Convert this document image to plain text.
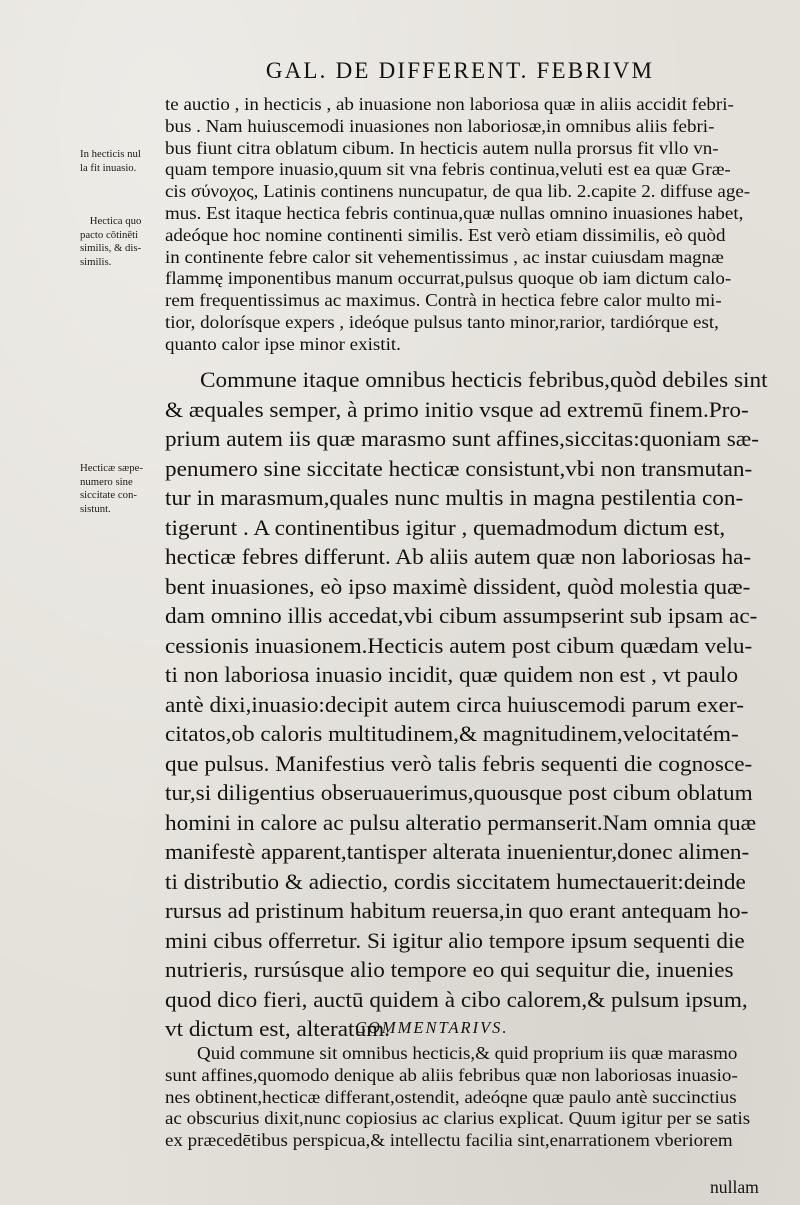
GAL. DE DIFFERENT. FEBRIVM
te auctio , in hecticis , ab inuasione non laboriosa quæ in aliis accidit febri-
bus . Nam huiuscemodi inuasiones non laboriosæ,in omnibus aliis febri-
bus fiunt citra oblatum cibum. In hecticis autem nulla prorsus fit vllo vn-
quam tempore inuasio,quum sit vna febris continua,veluti est ea quæ Græ-
cis σύνοχος, Latinis continens nuncupatur, de qua lib. 2.capite 2. diffuse age-
mus. Est itaque hectica febris continua,quæ nullas omnino inuasiones habet,
adeóque hoc nomine continenti similis. Est verò etiam dissimilis, eò quòd
in continente febre calor sit vehementissimus , ac instar cuiusdam magnæ
flammę imponentibus manum occurrat,pulsus quoque ob iam dictum calo-
rem frequentissimus ac maximus. Contrà in hectica febre calor multo mi-
tior, dolorísque expers , ideóque pulsus tanto minor,rarior, tardiórque est,
quanto calor ipse minor existit.
Commune itaque omnibus hecticis febribus,quòd debiles sint
& æquales semper, à primo initio vsque ad extremū finem.Pro-
prium autem iis quæ marasmo sunt affines,siccitas:quoniam sæ-
penumero sine siccitate hecticæ consistunt,vbi non transmutan-
tur in marasmum,quales nunc multis in magna pestilentia con-
tigerunt . A continentibus igitur , quemadmodum dictum est,
hecticæ febres differunt. Ab aliis autem quæ non laboriosas ha-
bent inuasiones, eò ipso maximè dissident, quòd molestia quæ-
dam omnino illis accedat,vbi cibum assumpserint sub ipsam ac-
cessionis inuasionem.Hecticis autem post cibum quædam velu-
ti non laboriosa inuasio incidit, quæ quidem non est , vt paulo
antè dixi,inuasio:decipit autem circa huiuscemodi parum exer-
citatos,ob caloris multitudinem,& magnitudinem,velocitatém-
que pulsus. Manifestius verò talis febris sequenti die cognosce-
tur,si diligentius obseruauerimus,quousque post cibum oblatum
homini in calore ac pulsu alteratio permanserit.Nam omnia quæ
manifestè apparent,tantisper alterata inuenientur,donec alimen-
ti distributio & adiectio, cordis siccitatem humectauerit:deinde
rursus ad pristinum habitum reuersa,in quo erant antequam ho-
mini cibus offerretur. Si igitur alio tempore ipsum sequenti die
nutrieris, rursúsque alio tempore eo qui sequitur die, inuenies
quod dico fieri, auctū quidem à cibo calorem,& pulsum ipsum,
vt dictum est, alteratum.
COMMENTARIVS.
Quid commune sit omnibus hecticis,& quid proprium iis quæ marasmo
sunt affines,quomodo denique ab aliis febribus quæ non laboriosas inuasio-
nes obtinent,hecticæ differant,ostendit, adeóqne quæ paulo antè succinctius
ac obscurius dixit,nunc copiosius ac clarius explicat. Quum igitur per se satis
ex præcedētibus perspicua,& intellectu facilia sint,enarrationem vberiorem
nullam
In hecticis nul
la fit inuasio.
Hectica quo
pacto cōtinēti
similis, & dis-
similis.
Hecticæ sæpe-
numero sine
siccitate con-
sistunt.
